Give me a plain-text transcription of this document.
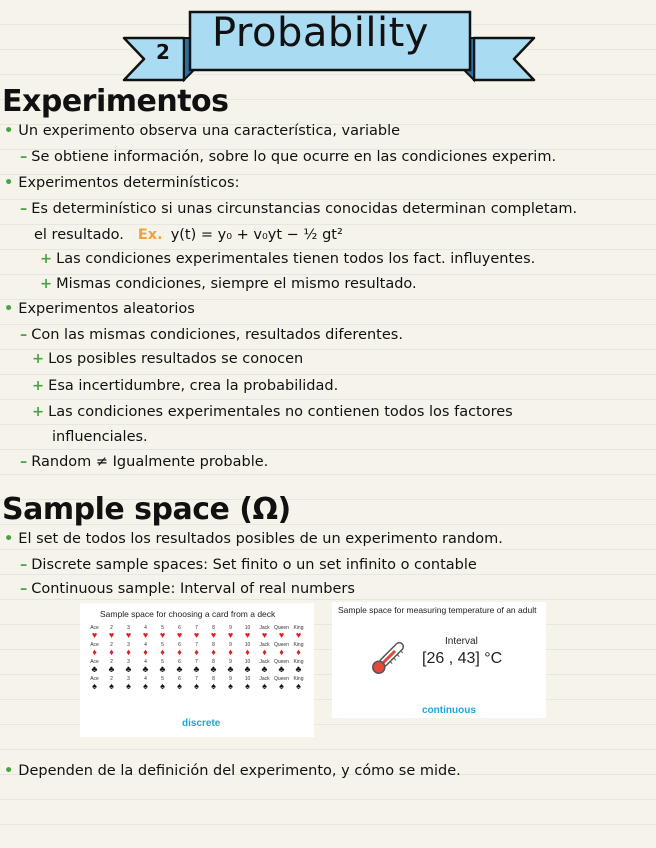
2 Probability
Experimentos
• Un experimento observa una característica, variable
– Se obtiene información, sobre lo que ocurre en las condiciones experim.
• Experimentos determinísticos:
– Es determinístico si unas circunstancias conocidas determinan completam.
el resultado. Ex. y(t) = y₀ + v₀yt − ½ gt²
+ Las condiciones experimentales tienen todos los fact. influyentes.
+ Mismas condiciones, siempre el mismo resultado.
• Experimentos aleatorios
– Con las mismas condiciones, resultados diferentes.
+ Los posibles resultados se conocen
+ Esa incertidumbre, crea la probabilidad.
+ Las condiciones experimentales no contienen todos los factores
influenciales.
– Random ≠ Igualmente probable.
Sample space (Ω)
• El set de todos los resultados posibles de un experimento random.
– Discrete sample spaces: Set finito o un set infinito o contable
– Continuous sample: Interval of real numbers
Sample space for choosing a card from a deck
Ace
♥
2
♥
3
♥
4
♥
5
♥
6
♥
7
♥
8
♥
9
♥
10
♥
Jack
♥
Queen
♥
King
♥
Ace
♦
2
♦
3
♦
4
♦
5
♦
6
♦
7
♦
8
♦
9
♦
10
♦
Jack
♦
Queen
♦
King
♦
Ace
♣
2
♣
3
♣
4
♣
5
♣
6
♣
7
♣
8
♣
9
♣
10
♣
Jack
♣
Queen
♣
King
♣
Ace
♠
2
♠
3
♠
4
♠
5
♠
6
♠
7
♠
8
♠
9
♠
10
♠
Jack
♠
Queen
♠
King
♠
discrete
Sample space for measuring temperature of an adult
Interval
[26 , 43] °C
continuous
• Dependen de la definición del experimento, y cómo se mide.
